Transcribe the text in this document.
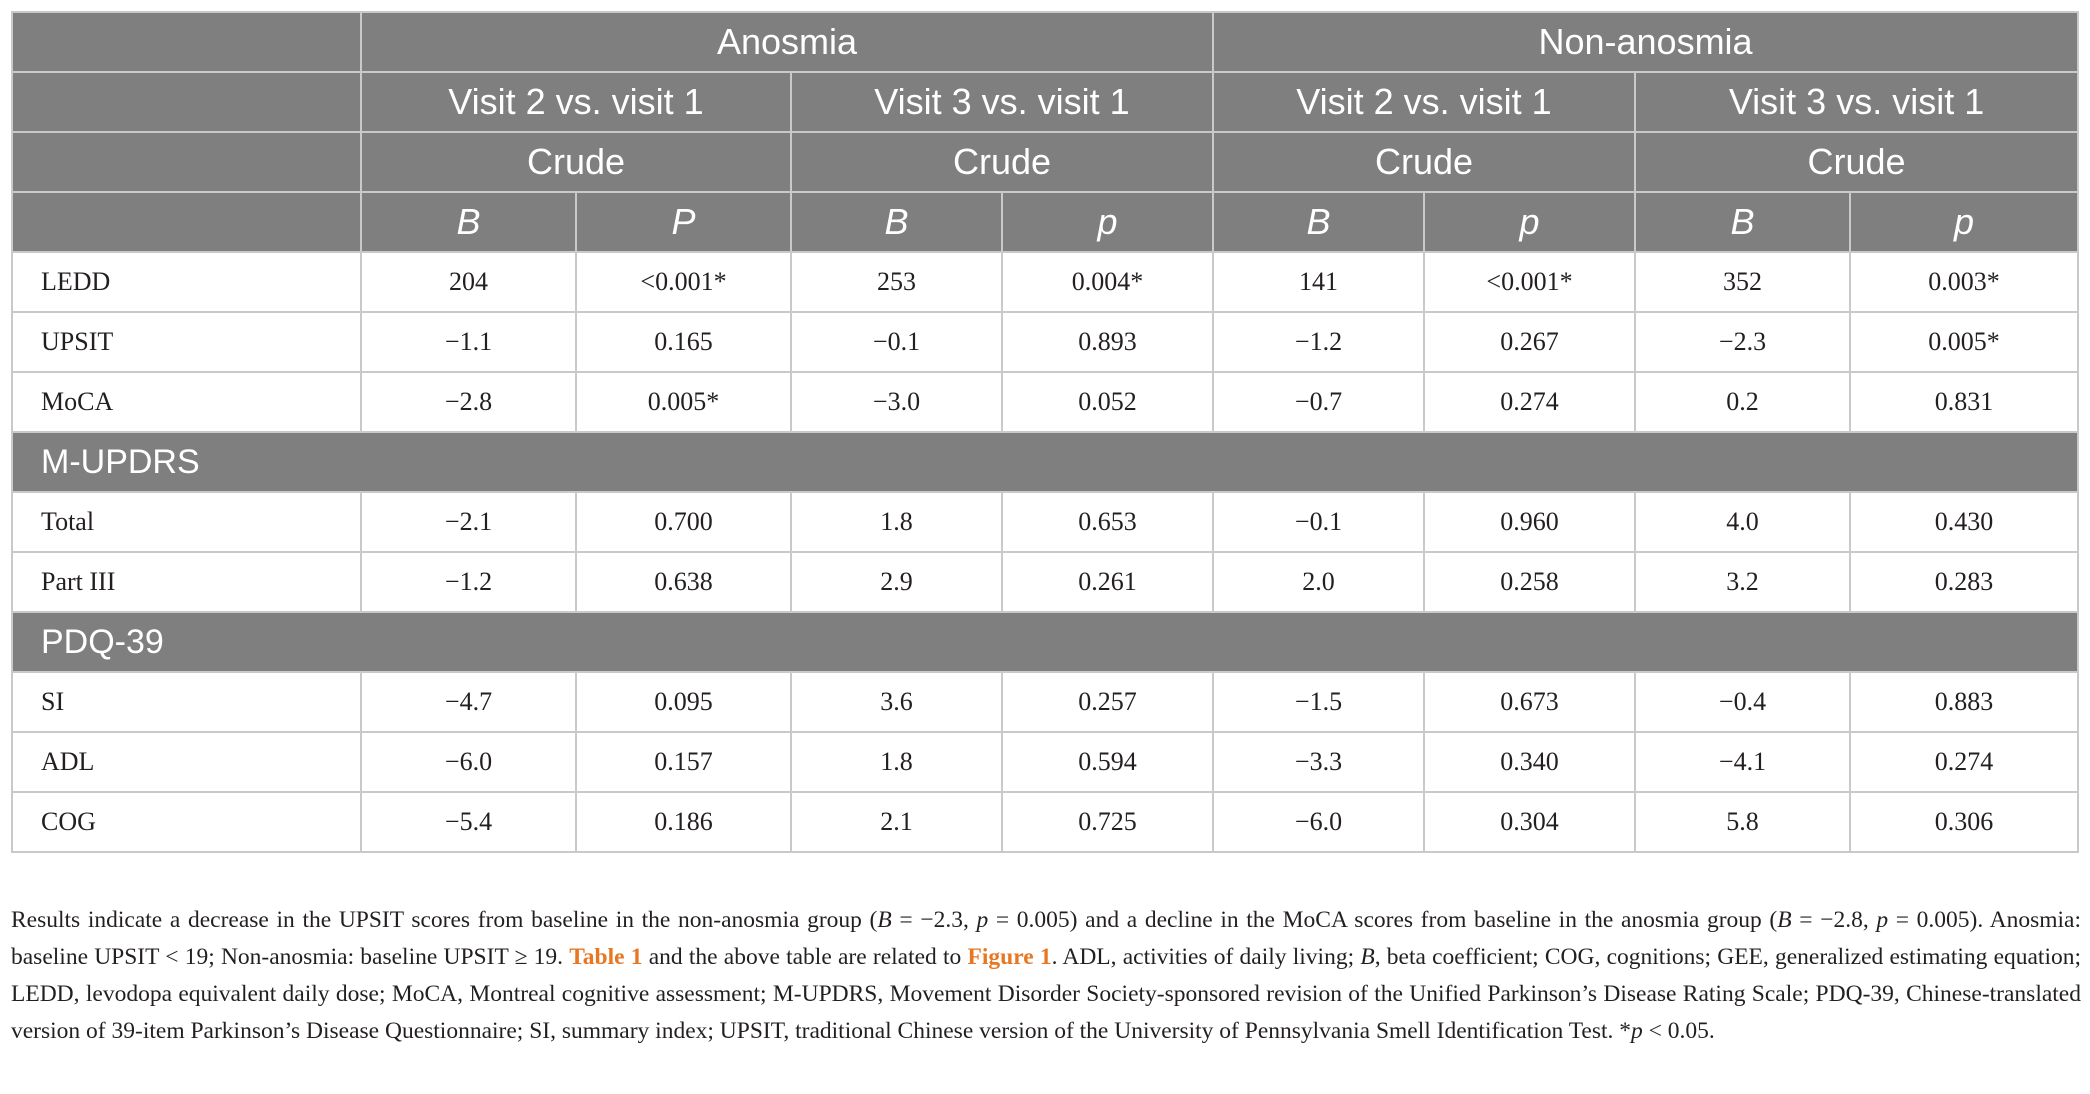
	Anosmia				Non-anosmia			
	Visit 2 vs. visit 1		Visit 3 vs. visit 1		Visit 2 vs. visit 1		Visit 3 vs. visit 1	
	Crude		Crude		Crude		Crude	
	B	P	B	p	B	p	B	p
LEDD	204	<0.001*	253	0.004*	141	<0.001*	352	0.003*
UPSIT	−1.1	0.165	−0.1	0.893	−1.2	0.267	−2.3	0.005*
MoCA	−2.8	0.005*	−3.0	0.052	−0.7	0.274	0.2	0.831
M-UPDRS								
Total	−2.1	0.700	1.8	0.653	−0.1	0.960	4.0	0.430
Part III	−1.2	0.638	2.9	0.261	2.0	0.258	3.2	0.283
PDQ-39								
SI	−4.7	0.095	3.6	0.257	−1.5	0.673	−0.4	0.883
ADL	−6.0	0.157	1.8	0.594	−3.3	0.340	−4.1	0.274
COG	−5.4	0.186	2.1	0.725	−6.0	0.304	5.8	0.306
Results indicate a decrease in the UPSIT scores from baseline in the non-anosmia group (B = −2.3, p = 0.005) and a decline in the MoCA scores from baseline in the anosmia group (B = −2.8, p = 0.005). Anosmia: baseline UPSIT < 19; Non-anosmia: baseline UPSIT ≥ 19. Table 1 and the above table are related to Figure 1. ADL, activities of daily living; B, beta coefficient; COG, cognitions; GEE, generalized estimating equation; LEDD, levodopa equivalent daily dose; MoCA, Montreal cognitive assessment; M-UPDRS, Movement Disorder Society-sponsored revision of the Unified Parkinson’s Disease Rating Scale; PDQ-39, Chinese-translated version of 39-item Parkinson’s Disease Questionnaire; SI, summary index; UPSIT, traditional Chinese version of the University of Pennsylvania Smell Identification Test. *p < 0.05.
